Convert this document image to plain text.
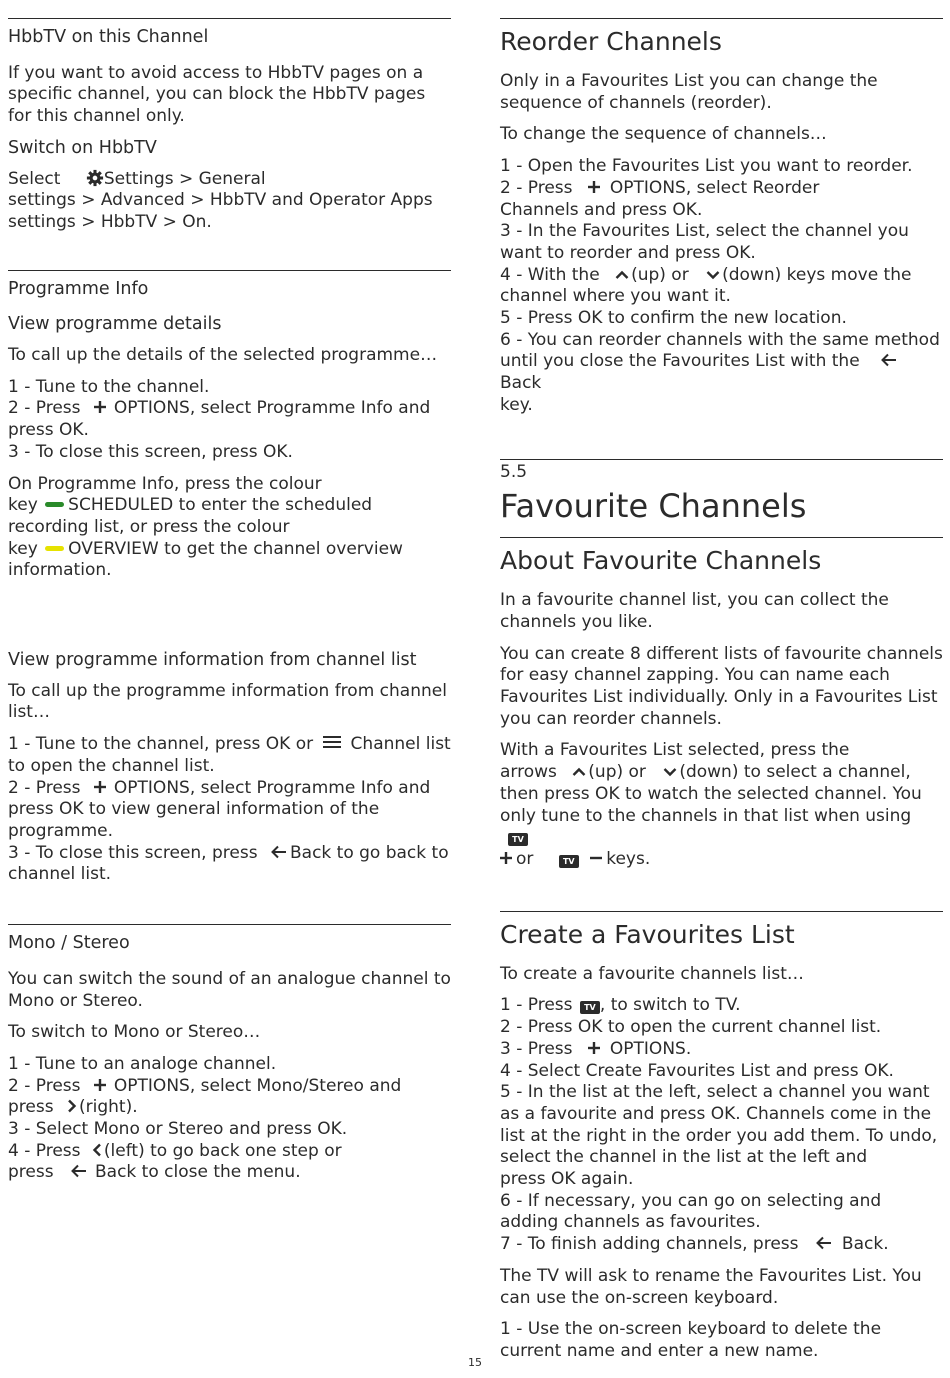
HbbTV on this Channel

If you want to avoid access to HbbTV pages on a specific channel, you can block the HbbTV pages for this channel only.

Switch on HbbTV
Select	Settings > General
settings > Advanced > HbbTV and Operator Apps
settings > HbbTV > On.
Programme Info
View programme details

To call up the details of the selected programme…

1 - Tune to the channel.
2 - Press OPTIONS, select Programme Info and
press OK.
3 - To close this screen, press OK.
On Programme Info, press the colour
key SCHEDULED to enter the scheduled
recording list, or press the colour
key OVERVIEW to get the channel overview
information.
View programme information from channel list

To call up the programme information from channel list…

1 - Tune to the channel, press OK or Channel list
to open the channel list.
2 - Press OPTIONS, select Programme Info and
press OK to view general information of the programme.
3 - To close this screen, press Back to go back to
channel list.
Mono / Stereo

You can switch the sound of an analogue channel to Mono or Stereo.

To switch to Mono or Stereo…

1 - Tune to an analoge channel.
2 - Press OPTIONS, select Mono/Stereo and
press (right).
3 - Select Mono or Stereo and press OK.
4 - Press (left) to go back one step or
press Back to close the menu.
Reorder Channels

Only in a Favourites List you can change the sequence of channels (reorder).

To change the sequence of channels…

1 - Open the Favourites List you want to reorder.
2 - Press OPTIONS, select Reorder
Channels and press OK.
3 - In the Favourites List, select the channel you want to reorder and press OK.
4 - With the (up) or (down) keys move the
channel where you want it.
5 - Press OK to confirm the new location.
6 - You can reorder channels with the same method until you close the Favourites List with the Back
key.
5.5
Favourite Channels
About Favourite Channels

In a favourite channel list, you can collect the channels you like.

You can create 8 different lists of favourite channels for easy channel zapping. You can name each Favourites List individually. Only in a Favourites List you can reorder channels.

With a Favourites List selected, press the
arrows (up) or (down) to select a channel,
then press OK to watch the selected channel. You
only tune to the channels in that list when using TV
or	TV keys.
Create a Favourites List

To create a favourite channels list…

1 - Press TV , to switch to TV.
2 - Press OK to open the current channel list.
3 - Press OPTIONS.
4 - Select Create Favourites List and press OK.
5 - In the list at the left, select a channel you want as a favourite and press OK. Channels come in the list at the right in the order you add them. To undo, select the channel in the list at the left and
press OK again.
6 - If necessary, you can go on selecting and adding channels as favourites.
7 - To finish adding channels, press	Back.

The TV will ask to rename the Favourites List. You can use the on-screen keyboard.

1 - Use the on-screen keyboard to delete the current name and enter a new name.
15
